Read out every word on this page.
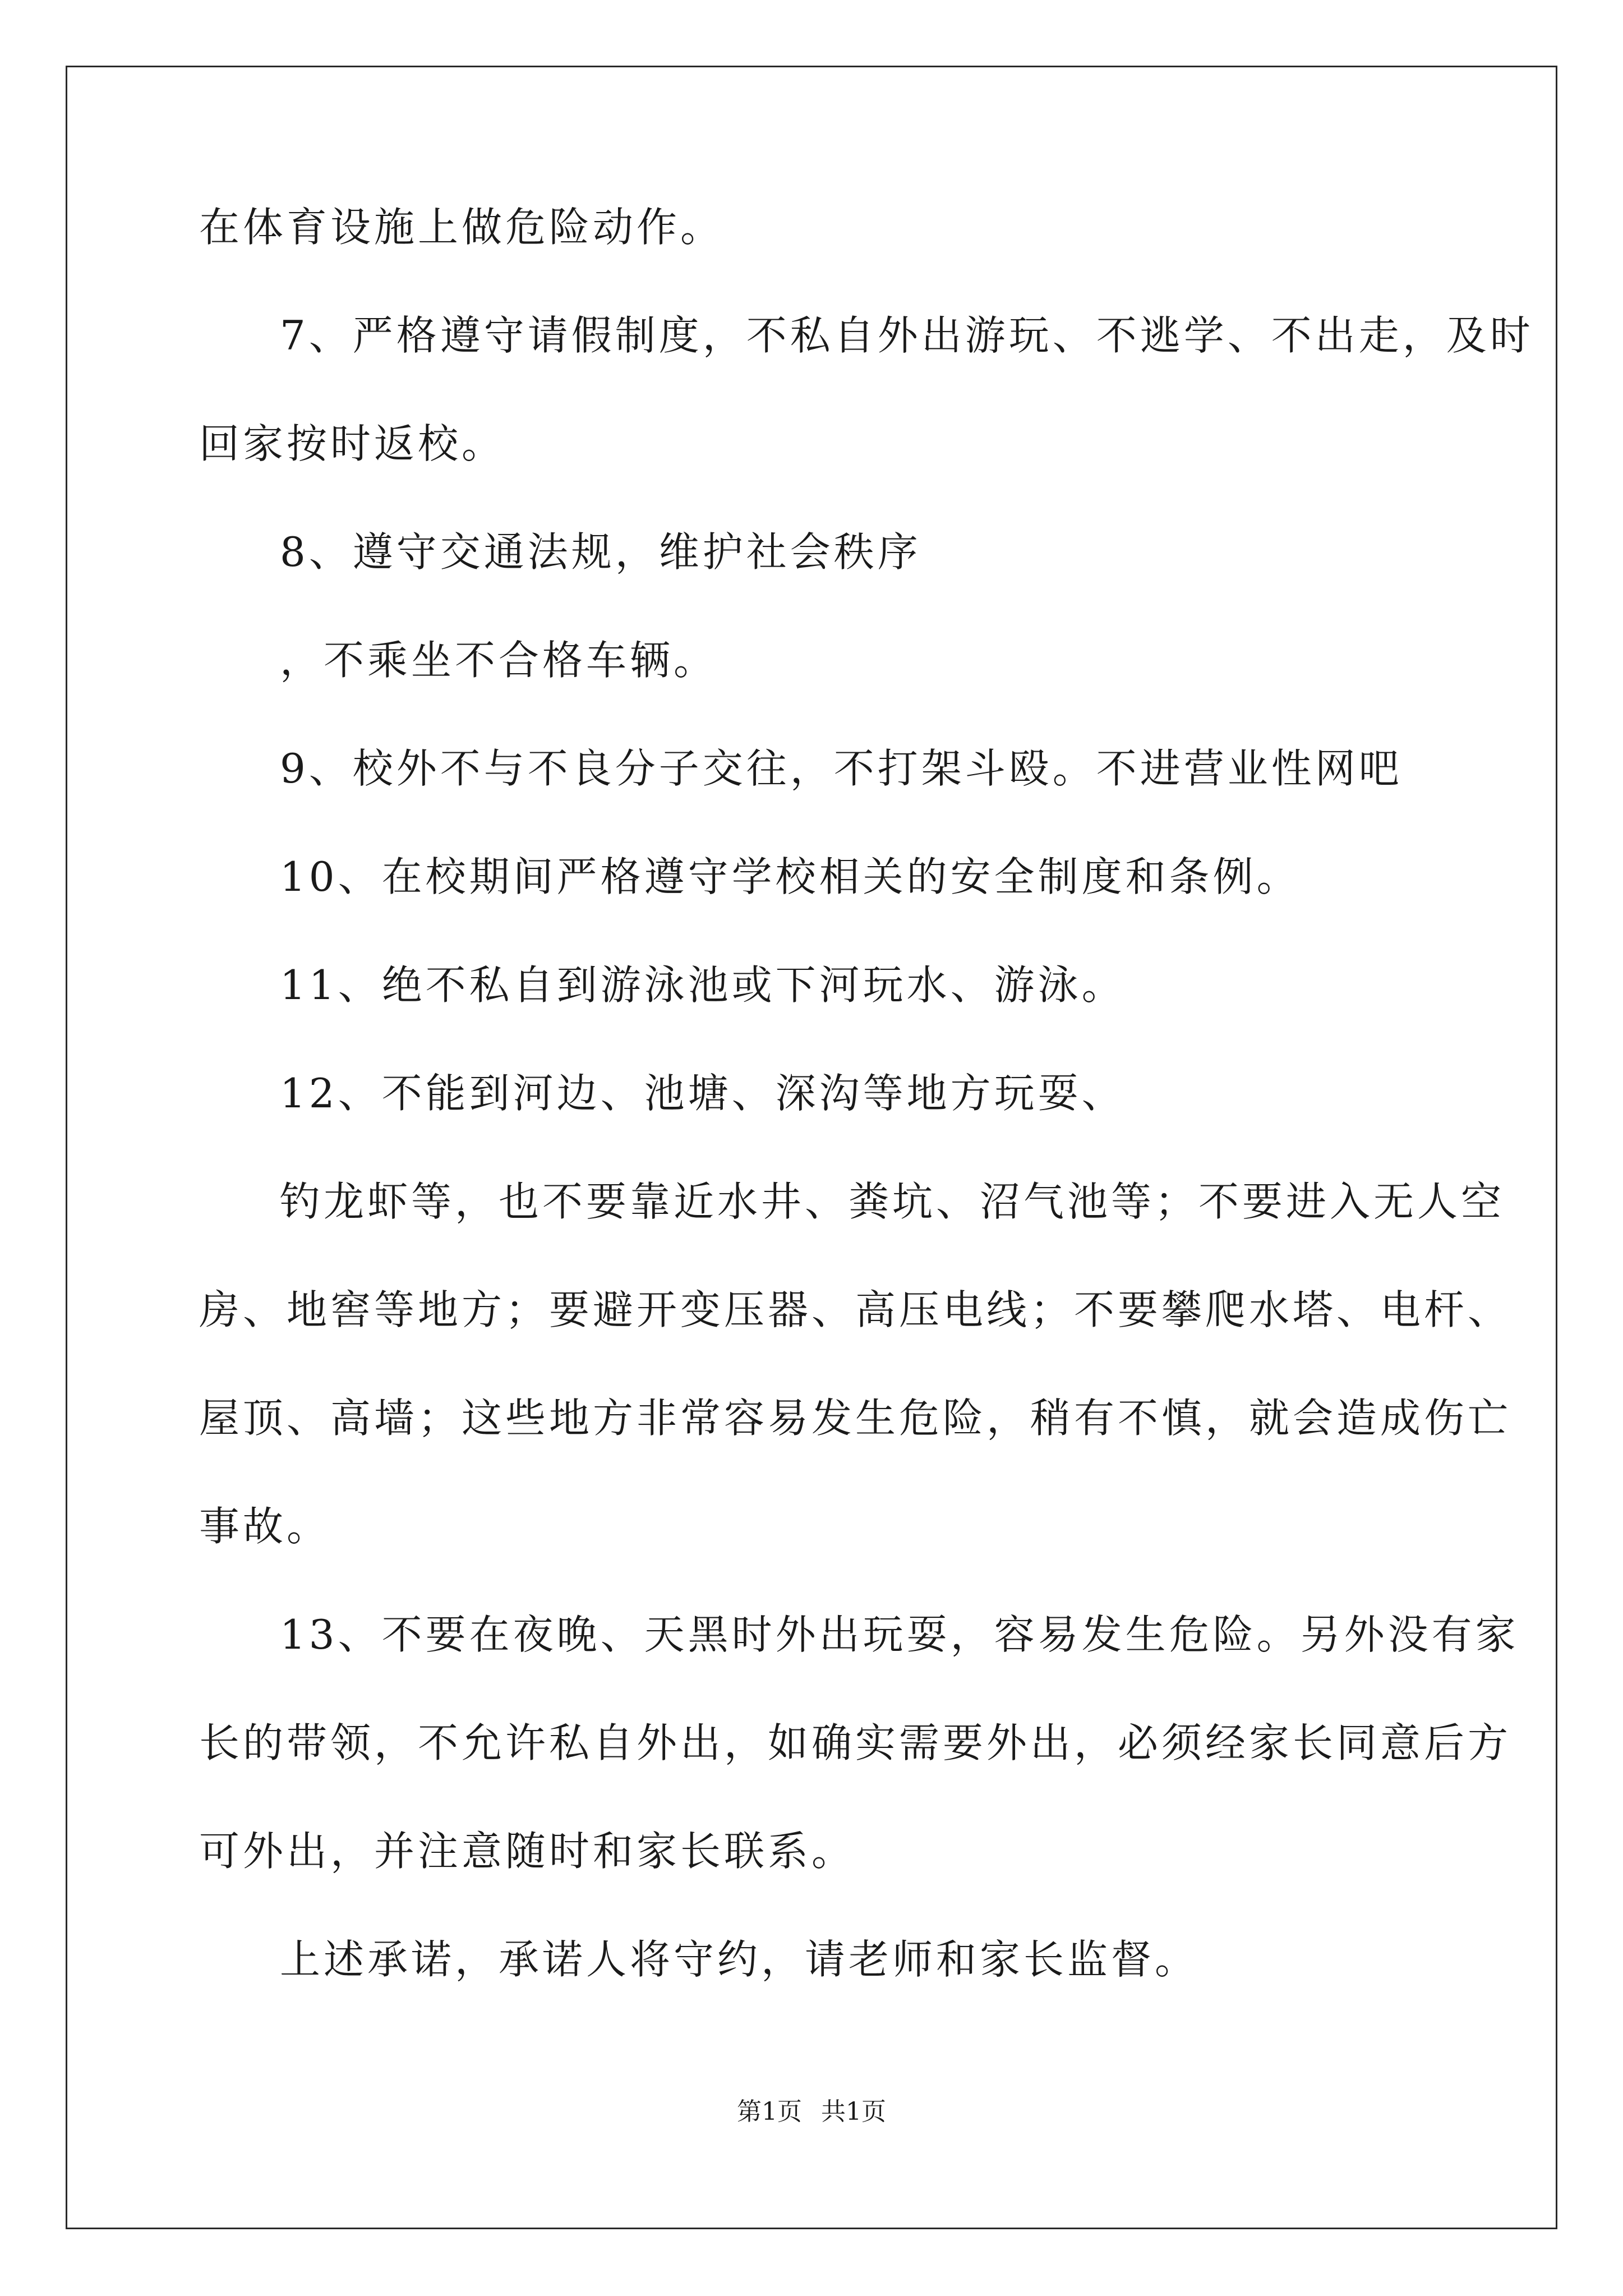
在体育设施上做危险动作。
7、严格遵守请假制度，不私自外出游玩、不逃学、不出走，及时
回家按时返校。
8、遵守交通法规，维护社会秩序
，不乘坐不合格车辆。
9、校外不与不良分子交往，不打架斗殴。不进营业性网吧
10、在校期间严格遵守学校相关的安全制度和条例。
11、绝不私自到游泳池或下河玩水、游泳。
12、不能到河边、池塘、深沟等地方玩耍、
钓龙虾等，也不要靠近水井、粪坑、沼气池等；不要进入无人空
房、地窖等地方；要避开变压器、高压电线；不要攀爬水塔、电杆、
屋顶、高墙；这些地方非常容易发生危险，稍有不慎，就会造成伤亡
事故。
13、不要在夜晚、天黑时外出玩耍，容易发生危险。另外没有家
长的带领，不允许私自外出，如确实需要外出，必须经家长同意后方
可外出，并注意随时和家长联系。
上述承诺，承诺人将守约，请老师和家长监督。
第1页 共1页
